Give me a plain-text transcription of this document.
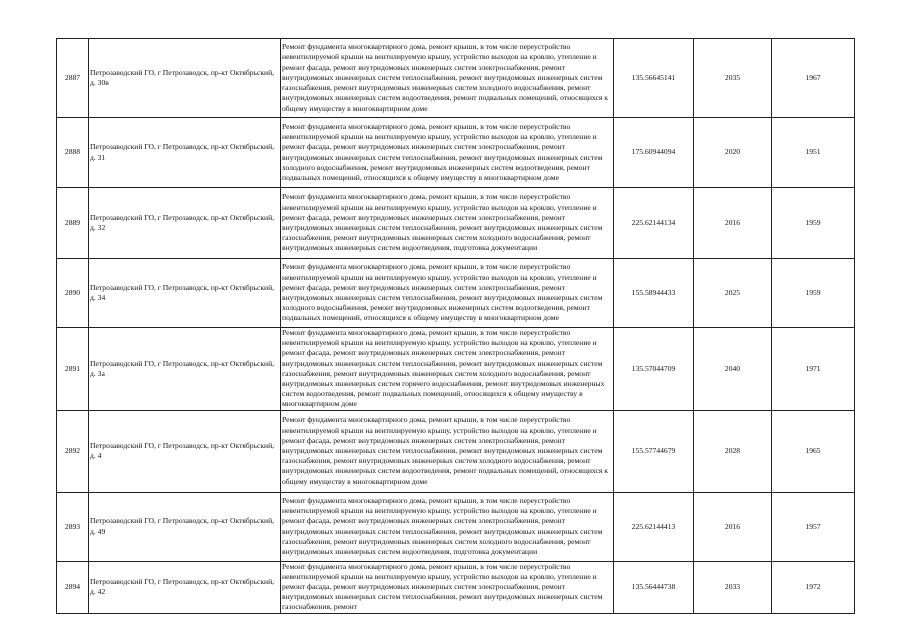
2887	Петрозаводский ГО, г Петрозаводск, пр-кт Октябрьский, д. 30в	Ремонт фундамента многоквартирного дома, ремонт крыши, в том числе переустройство невентилируемой крыши на вентилируемую крышу, устройство выходов на кровлю, утепление и ремонт фасада, ремонт внутридомовых инженерных систем электроснабжения, ремонт внутридомовых инженерных систем теплоснабжения, ремонт внутридомовых инженерных систем газоснабжения, ремонт внутридомовых инженерных систем холодного водоснабжения, ремонт внутридомовых инженерных систем водоотведения, ремонт подвальных помещений, относящихся к общему имуществу в многоквартирном доме	135.56645141	2035	1967
2888	Петрозаводский ГО, г Петрозаводск, пр-кт Октябрьский, д. 31	Ремонт фундамента многоквартирного дома, ремонт крыши, в том числе переустройство невентилируемой крыши на вентилируемую крышу, устройство выходов на кровлю, утепление и ремонт фасада, ремонт внутридомовых инженерных систем электроснабжения, ремонт внутридомовых инженерных систем теплоснабжения, ремонт внутридомовых инженерных систем холодного водоснабжения, ремонт внутридомовых инженерных систем водоотведения, ремонт подвальных помещений, относящихся к общему имуществу в многоквартирном доме	175.60944094	2020	1951
2889	Петрозаводский ГО, г Петрозаводск, пр-кт Октябрьский, д. 32	Ремонт фундамента многоквартирного дома, ремонт крыши, в том числе переустройство невентилируемой крыши на вентилируемую крышу, устройство выходов на кровлю, утепление и ремонт фасада, ремонт внутридомовых инженерных систем электроснабжения, ремонт внутридомовых инженерных систем теплоснабжения, ремонт внутридомовых инженерных систем газоснабжения, ремонт внутридомовых инженерных систем холодного водоснабжения, ремонт внутридомовых инженерных систем водоотведения, подготовка документации	225.62144134	2016	1959
2890	Петрозаводский ГО, г Петрозаводск, пр-кт Октябрьский, д. 34	Ремонт фундамента многоквартирного дома, ремонт крыши, в том числе переустройство невентилируемой крыши на вентилируемую крышу, устройство выходов на кровлю, утепление и ремонт фасада, ремонт внутридомовых инженерных систем электроснабжения, ремонт внутридомовых инженерных систем теплоснабжения, ремонт внутридомовых инженерных систем холодного водоснабжения, ремонт внутридомовых инженерных систем водоотведения, ремонт подвальных помещений, относящихся к общему имуществу в многоквартирном доме	155.58944433	2025	1959
2891	Петрозаводский ГО, г Петрозаводск, пр-кт Октябрьский, д. 3а	Ремонт фундамента многоквартирного дома, ремонт крыши, в том числе переустройство невентилируемой крыши на вентилируемую крышу, устройство выходов на кровлю, утепление и ремонт фасада, ремонт внутридомовых инженерных систем электроснабжения, ремонт внутридомовых инженерных систем теплоснабжения, ремонт внутридомовых инженерных систем газоснабжения, ремонт внутридомовых инженерных систем холодного водоснабжения, ремонт внутридомовых инженерных систем горячего водоснабжения, ремонт внутридомовых инженерных систем водоотведения, ремонт подвальных помещений, относящихся к общему имуществу в многоквартирном доме	135.57044709	2040	1971
2892	Петрозаводский ГО, г Петрозаводск, пр-кт Октябрьский, д. 4	Ремонт фундамента многоквартирного дома, ремонт крыши, в том числе переустройство невентилируемой крыши на вентилируемую крышу, устройство выходов на кровлю, утепление и ремонт фасада, ремонт внутридомовых инженерных систем электроснабжения, ремонт внутридомовых инженерных систем теплоснабжения, ремонт внутридомовых инженерных систем газоснабжения, ремонт внутридомовых инженерных систем холодного водоснабжения, ремонт внутридомовых инженерных систем водоотведения, ремонт подвальных помещений, относящихся к общему имуществу в многоквартирном доме	155.57744679	2028	1965
2893	Петрозаводский ГО, г Петрозаводск, пр-кт Октябрьский, д. 49	Ремонт фундамента многоквартирного дома, ремонт крыши, в том числе переустройство невентилируемой крыши на вентилируемую крышу, устройство выходов на кровлю, утепление и ремонт фасада, ремонт внутридомовых инженерных систем электроснабжения, ремонт внутридомовых инженерных систем теплоснабжения, ремонт внутридомовых инженерных систем газоснабжения, ремонт внутридомовых инженерных систем холодного водоснабжения, ремонт внутридомовых инженерных систем водоотведения, подготовка документации	225.62144413	2016	1957
2894	Петрозаводский ГО, г Петрозаводск, пр-кт Октябрьский, д. 42	Ремонт фундамента многоквартирного дома, ремонт крыши, в том числе переустройство невентилируемой крыши на вентилируемую крышу, устройство выходов на кровлю, утепление и ремонт фасада, ремонт внутридомовых инженерных систем электроснабжения, ремонт внутридомовых инженерных систем теплоснабжения, ремонт внутридомовых инженерных систем газоснабжения, ремонт	135.56444738	2033	1972
